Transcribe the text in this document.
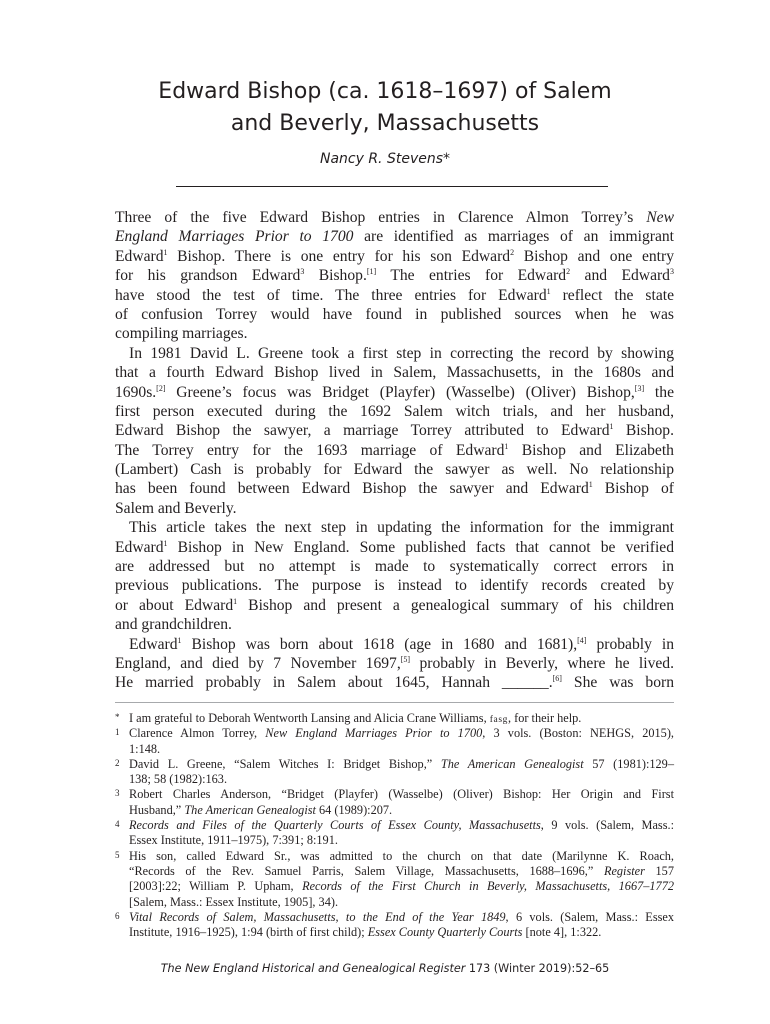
Edward Bishop (ca. 1618–1697) of Salem
and Beverly, Massachusetts
Nancy R. Stevens*
Three of the five Edward Bishop entries in Clarence Almon Torrey’s New
England Marriages Prior to 1700 are identified as marriages of an immigrant
Edward$^1$ Bishop. There is one entry for his son Edward$^2$ Bishop and one entry
for his grandson Edward$^3$ Bishop.[1] The entries for Edward$^2$ and Edward$^3$
have stood the test of time. The three entries for Edward$^1$ reflect the state
of confusion Torrey would have found in published sources when he was
compiling marriages.
In 1981 David L. Greene took a first step in correcting the record by showing
that a fourth Edward Bishop lived in Salem, Massachusetts, in the 1680s and
1690s.[2] Greene’s focus was Bridget (Playfer) (Wasselbe) (Oliver) Bishop,[3] the
first person executed during the 1692 Salem witch trials, and her husband,
Edward Bishop the sawyer, a marriage Torrey attributed to Edward$^1$ Bishop.
The Torrey entry for the 1693 marriage of Edward$^1$ Bishop and Elizabeth
(Lambert) Cash is probably for Edward the sawyer as well. No relationship
has been found between Edward Bishop the sawyer and Edward$^1$ Bishop of
Salem and Beverly.
This article takes the next step in updating the information for the immigrant
Edward$^1$ Bishop in New England. Some published facts that cannot be verified
are addressed but no attempt is made to systematically correct errors in
previous publications. The purpose is instead to identify records created by
or about Edward$^1$ Bishop and present a genealogical summary of his children
and grandchildren.
Edward$^1$ Bishop was born about 1618 (age in 1680 and 1681),[4] probably in
England, and died by 7 November 1697,[5] probably in Beverly, where he lived.
He married probably in Salem about 1645, Hannah ______.[6] She was born
* I am grateful to Deborah Wentworth Lansing and Alicia Crane Williams, fasg, for their help.
1 Clarence Almon Torrey, New England Marriages Prior to 1700, 3 vols. (Boston: NEHGS, 2015),
1:148.
2 David L. Greene, “Salem Witches I: Bridget Bishop,” The American Genealogist 57 (1981):129–
138; 58 (1982):163.
3 Robert Charles Anderson, “Bridget (Playfer) (Wasselbe) (Oliver) Bishop: Her Origin and First
Husband,” The American Genealogist 64 (1989):207.
4 Records and Files of the Quarterly Courts of Essex County, Massachusetts, 9 vols. (Salem, Mass.:
Essex Institute, 1911–1975), 7:391; 8:191.
5 His son, called Edward Sr., was admitted to the church on that date (Marilynne K. Roach,
“Records of the Rev. Samuel Parris, Salem Village, Massachusetts, 1688–1696,” Register 157
[2003]:22; William P. Upham, Records of the First Church in Beverly, Massachusetts, 1667–1772
[Salem, Mass.: Essex Institute, 1905], 34).
6 Vital Records of Salem, Massachusetts, to the End of the Year 1849, 6 vols. (Salem, Mass.: Essex
Institute, 1916–1925), 1:94 (birth of first child); Essex County Quarterly Courts [note 4], 1:322.
The New England Historical and Genealogical Register 173 (Winter 2019):52–65
